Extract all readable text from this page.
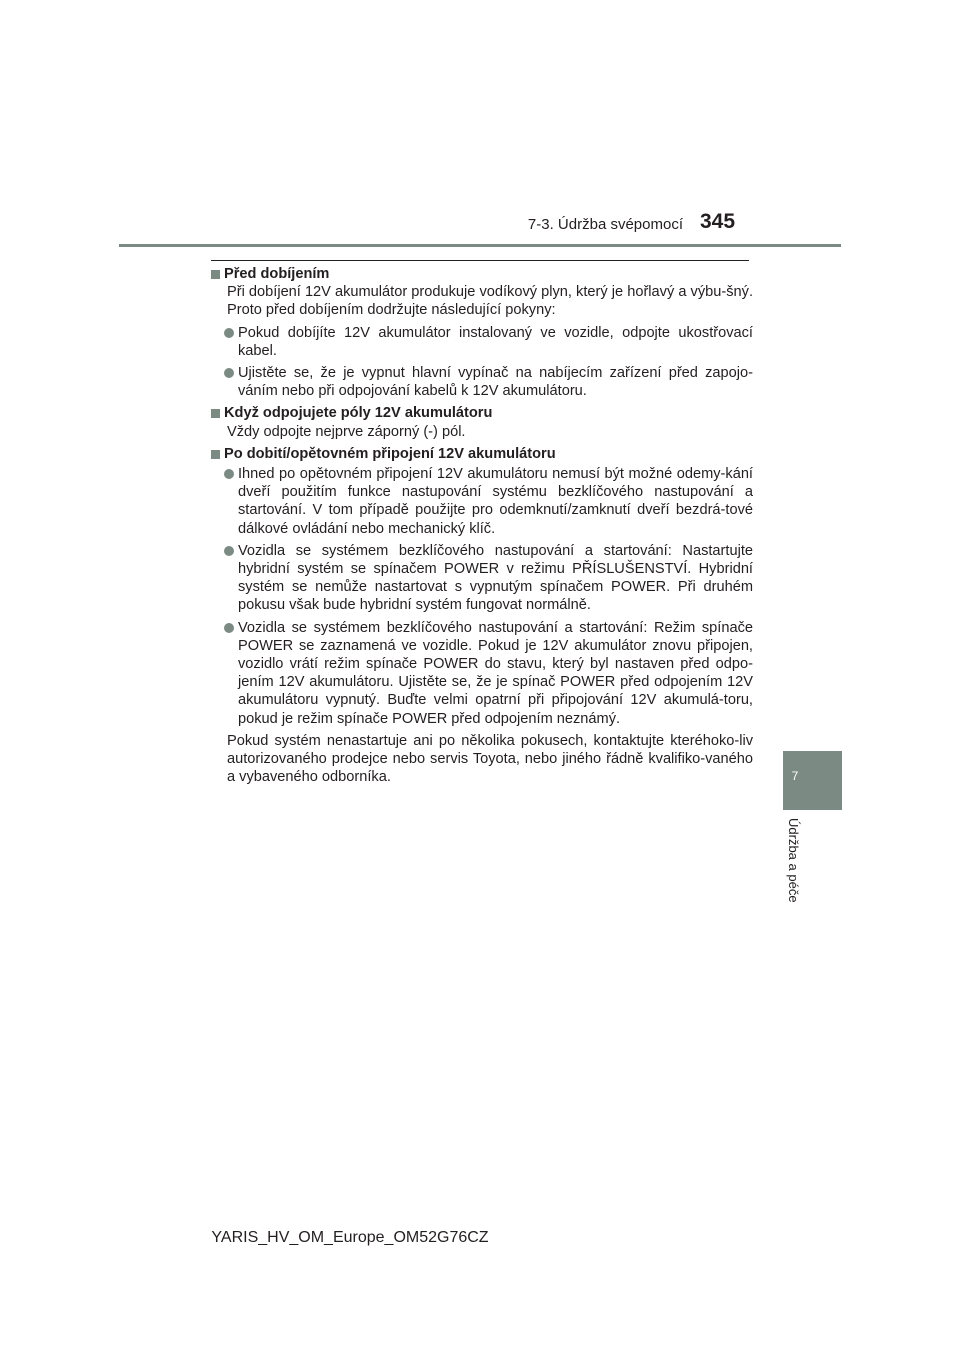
7-3. Údržba svépomocí 345
7
Údržba a péče
Před dobíjením
Při dobíjení 12V akumulátor produkuje vodíkový plyn, který je hořlavý a výbu-šný. Proto před dobíjením dodržujte následující pokyny:
Pokud dobíjíte 12V akumulátor instalovaný ve vozidle, odpojte ukostřovací kabel.
Ujistěte se, že je vypnut hlavní vypínač na nabíjecím zařízení před zapojo-váním nebo při odpojování kabelů k 12V akumulátoru.
Když odpojujete póly 12V akumulátoru
Vždy odpojte nejprve záporný (-) pól.
Po dobití/opětovném připojení 12V akumulátoru
Ihned po opětovném připojení 12V akumulátoru nemusí být možné odemy-kání dveří použitím funkce nastupování systému bezklíčového nastupování a startování. V tom případě použijte pro odemknutí/zamknutí dveří bezdrá-tové dálkové ovládání nebo mechanický klíč.
Vozidla se systémem bezklíčového nastupování a startování: Nastartujte hybridní systém se spínačem POWER v režimu PŘÍSLUŠENSTVÍ. Hybridní systém se nemůže nastartovat s vypnutým spínačem POWER. Při druhém pokusu však bude hybridní systém fungovat normálně.
Vozidla se systémem bezklíčového nastupování a startování: Režim spínače POWER se zaznamená ve vozidle. Pokud je 12V akumulátor znovu připojen, vozidlo vrátí režim spínače POWER do stavu, který byl nastaven před odpo-jením 12V akumulátoru. Ujistěte se, že je spínač POWER před odpojením 12V akumulátoru vypnutý. Buďte velmi opatrní při připojování 12V akumulá-toru, pokud je režim spínače POWER před odpojením neznámý.
Pokud systém nenastartuje ani po několika pokusech, kontaktujte kteréhoko-liv autorizovaného prodejce nebo servis Toyota, nebo jiného řádně kvalifiko-vaného a vybaveného odborníka.
YARIS_HV_OM_Europe_OM52G76CZ
